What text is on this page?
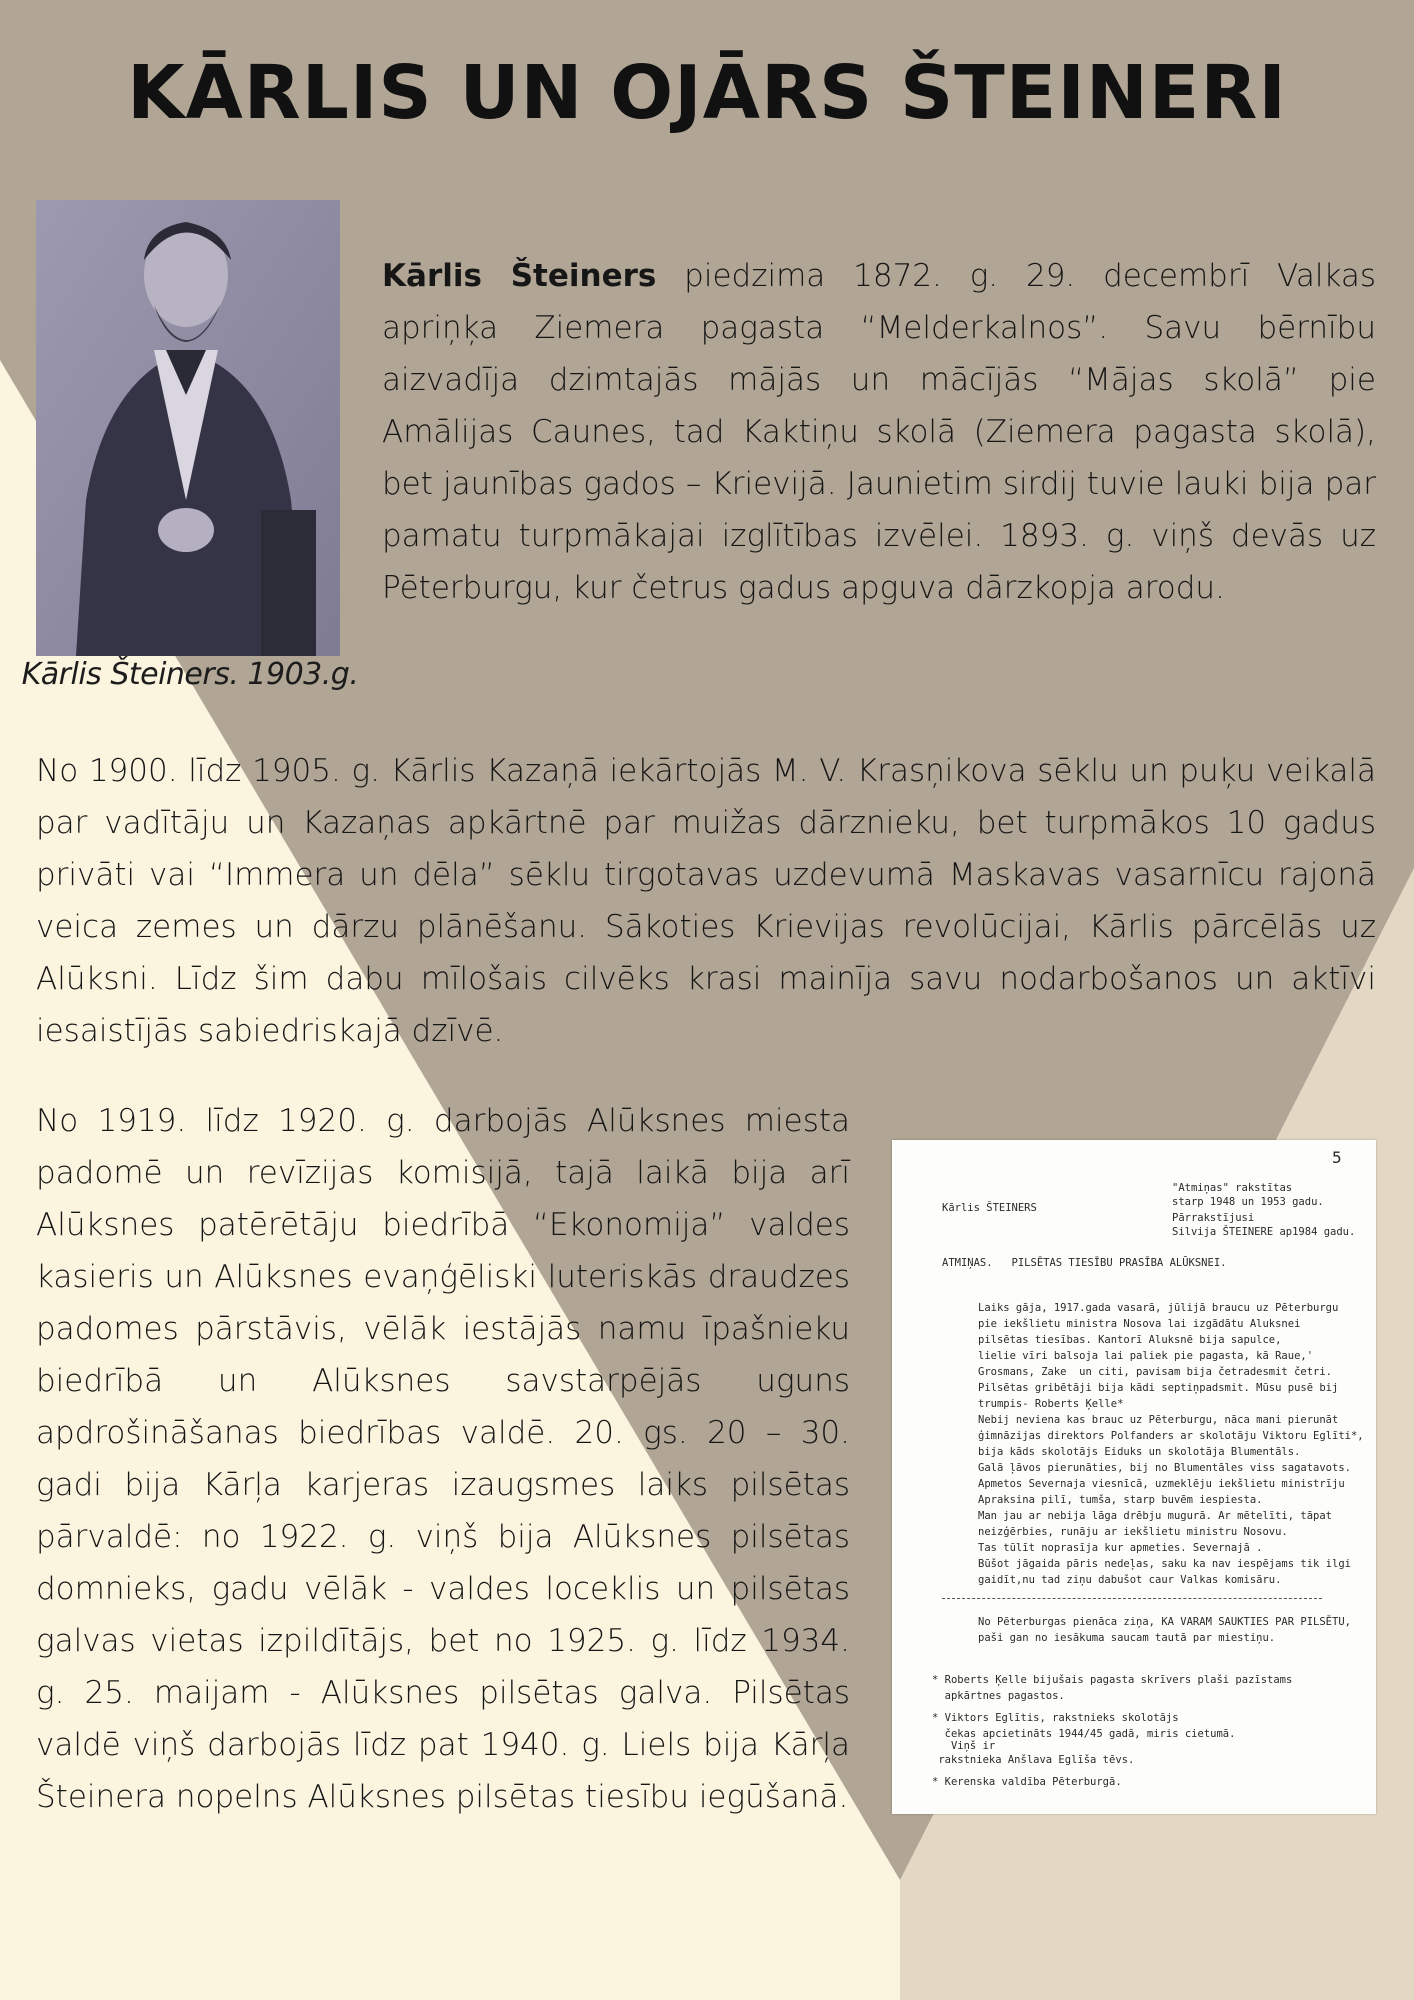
KĀRLIS UN OJĀRS ŠTEINERI
Kārlis Šteiners. 1903.g.

Kārlis Šteiners piedzima 1872. g. 29. decembrī Valkas apriņķa Ziemera pagasta “Melderkalnos”. Savu bērnību aizvadīja dzimtajās mājās un mācījās “Mājas skolā” pie Amālijas Caunes, tad Kaktiņu skolā (Ziemera pagasta skolā), bet jaunības gados – Krievijā. Jaunietim sirdij tuvie lauki bija par pamatu turpmākajai izglītības izvēlei. 1893. g. viņš devās uz Pēterburgu, kur četrus gadus apguva dārzkopja arodu.

No 1900. līdz 1905. g. Kārlis Kazaņā iekārtojās M. V. Krasņikova sēklu un puķu veikalā par vadītāju un Kazaņas apkārtnē par muižas dārznieku, bet turpmākos 10 gadus privāti vai “Immera un dēla” sēklu tirgotavas uzdevumā Maskavas vasarnīcu rajonā veica zemes un dārzu plānēšanu. Sākoties Krievijas revolūcijai, Kārlis pārcēlās uz Alūksni. Līdz šim dabu mīlošais cilvēks krasi mainīja savu nodarbošanos un aktīvi iesaistījās sabiedriskajā dzīvē.

No 1919. līdz 1920. g. darbojās Alūksnes miesta padomē un revīzijas komisijā, tajā laikā bija arī Alūksnes patērētāju biedrībā “Ekonomija” valdes kasieris un Alūksnes evaņģēliski luteriskās draudzes padomes pārstāvis, vēlāk iestājās namu īpašnieku biedrībā un Alūksnes savstarpējās uguns apdrošināšanas biedrības valdē. 20. gs. 20 – 30. gadi bija Kārļa karjeras izaugsmes laiks pilsētas pārvaldē: no 1922. g. viņš bija Alūksnes pilsētas domnieks, gadu vēlāk - valdes loceklis un pilsētas galvas vietas izpildītājs, bet no 1925. g. līdz 1934. g. 25. maijam - Alūksnes pilsētas galva. Pilsētas valdē viņš darbojās līdz pat 1940. g. Liels bija Kārļa Šteinera nopelns Alūksnes pilsētas tiesību iegūšanā.

5
Kārlis ŠTEINERS
"Atmiņas" rakstītas
starp 1948 un 1953 gadu.
Pārrakstījusi
Silvija ŠTEINERE ap1984 gadu.
ATMIŅAS.   PILSĒTAS TIESĪBU PRASĪBA ALŪKSNEI.
Laiks gāja, 1917.gada vasarā, jūlijā braucu uz Pēterburgu
pie iekšlietu ministra Nosova lai izgādātu Aluksnei
pilsētas tiesības. Kantorī Aluksnē bija sapulce,
lielie vīri balsoja lai paliek pie pagasta, kā Raue,'
Grosmans, Zake  un citi, pavisam bija četradesmit četri.
Pilsētas gribētāji bija kādi septiņpadsmit. Mūsu pusē bij
trumpis- Roberts Ķelle*
Nebij neviena kas brauc uz Pēterburgu, nāca mani pierunāt
ģimnāzijas direktors Polfanders ar skolotāju Viktoru Eglīti*,
bija kāds skolotājs Eiduks un skolotāja Blumentāls.
Galā ļāvos pierunāties, bij no Blumentāles viss sagatavots.
Apmetos Severnaja viesnīcā, uzmeklēju iekšlietu ministrīju
Apraksina pilī, tumša, starp buvēm iespiesta.
Man jau ar nebija lāga drēbju mugurā. Ar mētelīti, tāpat
neizģērbies, runāju ar iekšlietu ministru Nosovu.
Tas tūlīt noprasīja kur apmeties. Severnajā .
Būšot jāgaida pāris nedeļas, saku ka nav iespējams tik ilgi
gaidīt,nu tad ziņu dabušot caur Valkas komisāru.
No Pēterburgas pienāca ziņa, KA VARAM SAUKTIES PAR PILSĒTU,
paši gan no iesākuma saucam tautā par miestiņu.
* Roberts Ķelle bijušais pagasta skrīvers plaši pazīstams
apkārtnes pagastos.
* Viktors Eglītis, rakstnieks skolotājs
čekas apcietināts 1944/45 gadā, miris cietumā.
Viņš ir
rakstnieka Anšlava Eglīša tēvs.
* Kerenska valdība Pēterburgā.
